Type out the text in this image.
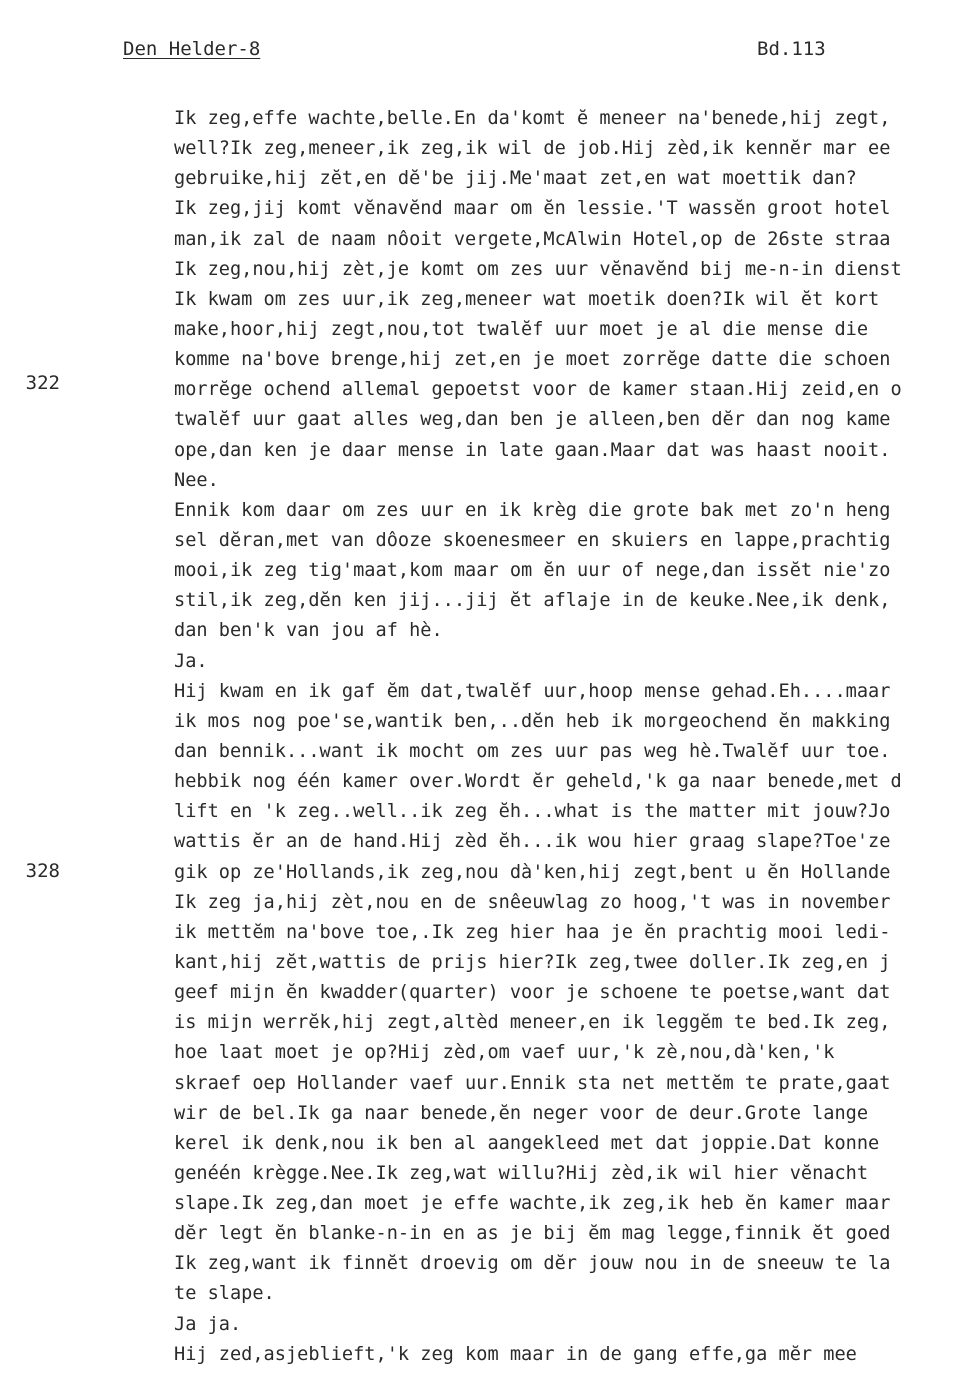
Den Helder-8	Bd.113
322
328
Ik zeg,effe wachte,belle.En da'komt ĕ meneer na'benede,hij zegt,
well?Ik zeg,meneer,ik zeg,ik wil de job.Hij zèd,ik kennĕr mar ee
gebruike,hij zĕt,en dĕ'be jij.Me'maat zet,en wat moettik dan?
Ik zeg,jij komt vĕnavĕnd maar om ĕn lessie.'T wassĕn groot hotel
man,ik zal de naam nôoit vergete,McAlwin Hotel,op de 26ste straa
Ik zeg,nou,hij zèt,je komt om zes uur vĕnavĕnd bij me-n-in dienst
Ik kwam om zes uur,ik zeg,meneer wat moetik doen?Ik wil ĕt kort
make,hoor,hij zegt,nou,tot twalĕf uur moet je al die mense die
komme na'bove brenge,hij zet,en je moet zorrĕge datte die schoen
morrĕge ochend allemal gepoetst voor de kamer staan.Hij zeid,en o
twalĕf uur gaat alles weg,dan ben je alleen,ben dĕr dan nog kame
ope,dan ken je daar mense in late gaan.Maar dat was haast nooit.
Nee.
Ennik kom daar om zes uur en ik krèg die grote bak met zo'n heng
sel dĕran,met van dôoze skoenesmeer en skuiers en lappe,prachtig
mooi,ik zeg tig'maat,kom maar om ĕn uur of nege,dan issĕt nie'zo
stil,ik zeg,dĕn ken jij...jij ĕt aflaje in de keuke.Nee,ik denk,
dan ben'k van jou af hè.
Ja.
Hij kwam en ik gaf ĕm dat,twalĕf uur,hoop mense gehad.Eh....maar
ik mos nog poe'se,wantik ben,..dĕn heb ik morgeochend ĕn makking
dan bennik...want ik mocht om zes uur pas weg hè.Twalĕf uur toe.
hebbik nog één kamer over.Wordt ĕr geheld,'k ga naar benede,met d
lift en 'k zeg..well..ik zeg ĕh...what is the matter mit jouw?Jo
wattis ĕr an de hand.Hij zèd ĕh...ik wou hier graag slape?Toe'ze
gik op ze'Hollands,ik zeg,nou dà'ken,hij zegt,bent u ĕn Hollande
Ik zeg ja,hij zèt,nou en de snêeuwlag zo hoog,'t was in november
ik mettĕm na'bove toe,.Ik zeg hier haa je ĕn prachtig mooi ledi-
kant,hij zĕt,wattis de prijs hier?Ik zeg,twee doller.Ik zeg,en j
geef mijn ĕn kwadder(quarter) voor je schoene te poetse,want dat
is mijn werrĕk,hij zegt,altèd meneer,en ik leggĕm te bed.Ik zeg,
hoe laat moet je op?Hij zèd,om vaef uur,'k zè,nou,dà'ken,'k
skraef oep Hollander vaef uur.Ennik sta net mettĕm te prate,gaat
wir de bel.Ik ga naar benede,ĕn neger voor de deur.Grote lange
kerel ik denk,nou ik ben al aangekleed met dat joppie.Dat konne
genéén krègge.Nee.Ik zeg,wat willu?Hij zèd,ik wil hier vĕnacht
slape.Ik zeg,dan moet je effe wachte,ik zeg,ik heb ĕn kamer maar
dĕr legt ĕn blanke-n-in en as je bij ĕm mag legge,finnik ĕt goed
Ik zeg,want ik finnĕt droevig om dĕr jouw nou in de sneeuw te la
te slape.
Ja ja.
Hij zed,asjeblieft,'k zeg kom maar in de gang effe,ga mĕr mee
